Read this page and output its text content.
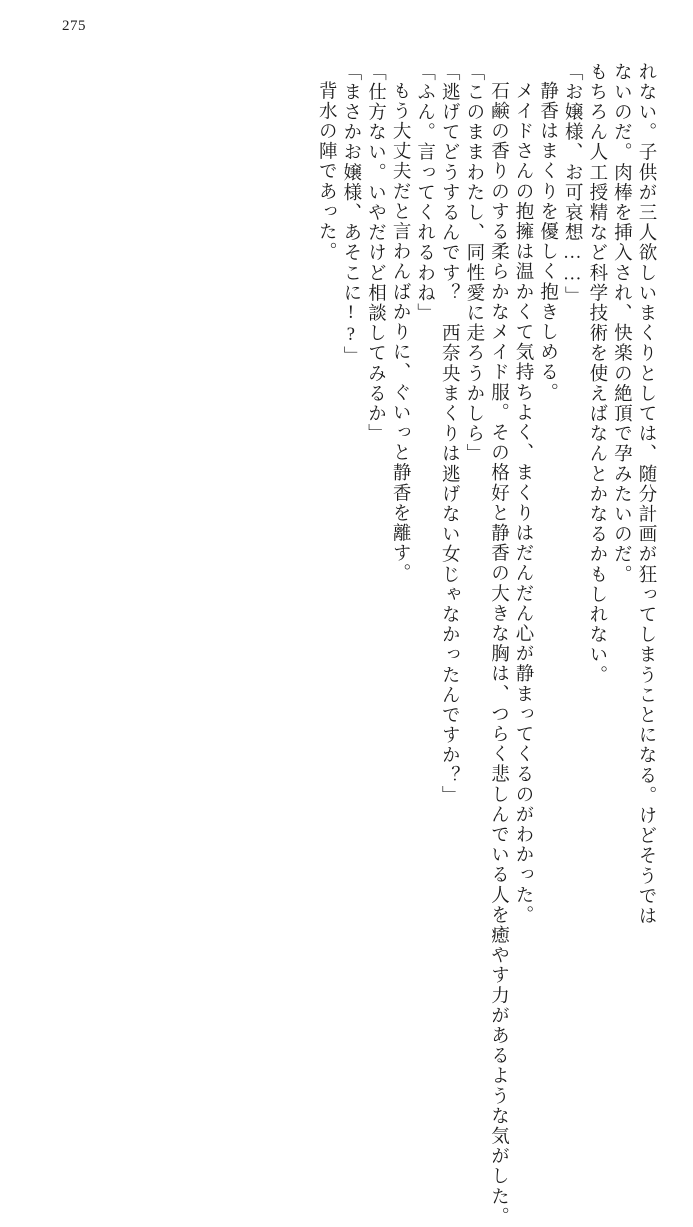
275
れない。子供が三人欲しいまくりとしては、随分計画が狂ってしまうことになる。けどそうでは
ないのだ。肉棒を挿入され、快楽の絶頂で孕みたいのだ。
もちろん人工授精など科学技術を使えばなんとかなるかもしれない。
「お嬢様、お可哀想……」
静香はまくりを優しく抱きしめる。
メイドさんの抱擁は温かくて気持ちよく、まくりはだんだん心が静まってくるのがわかった。
石鹸の香りのする柔らかなメイド服。その格好と静香の大きな胸は、つらく悲しんでいる人を癒やす力があるような気がした。
「このままわたし、同性愛に走ろうかしら」
「逃げてどうするんです？　西奈央まくりは逃げない女じゃなかったんですか？」
「ふん。言ってくれるわね」
もう大丈夫だと言わんばかりに、ぐいっと静香を離す。
「仕方ない。いやだけど相談してみるか」
「まさかお嬢様、あそこに!?」
背水の陣であった。
